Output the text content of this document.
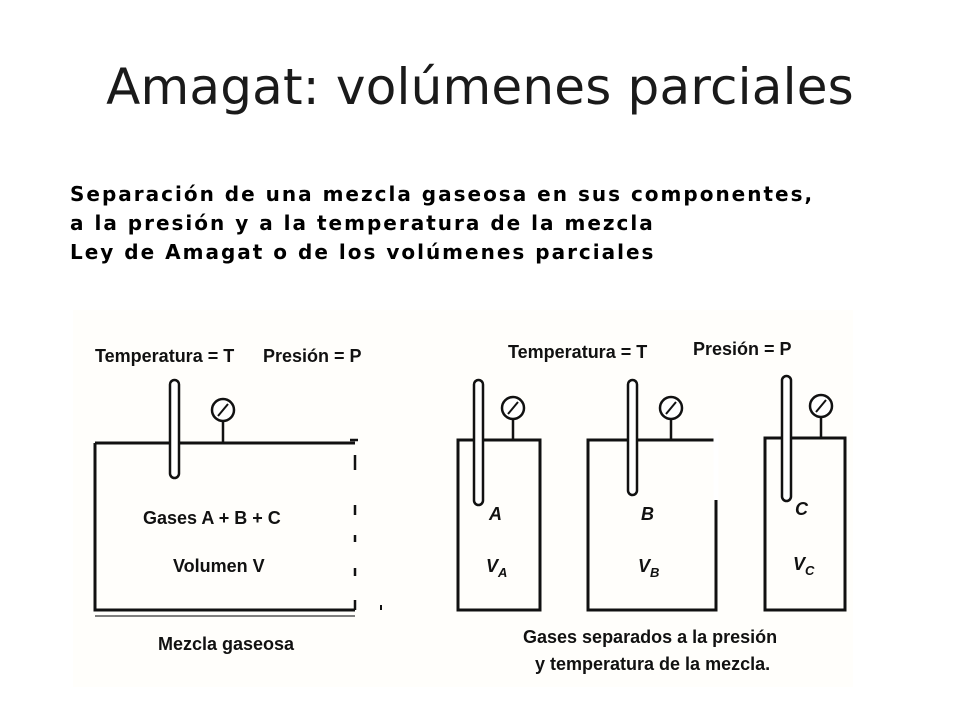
Amagat: volúmenes parciales
Separación de una mezcla gaseosa en sus componentes,
a la presión y a la temperatura de la mezcla
Ley de Amagat o de los volúmenes parciales
Temperatura = T Presión = P
Gases A + B + C
Volumen V
Mezcla gaseosa
Temperatura = T	Presión = P
A
$V_A$
B
$V_B$
C
$V_C$
Gases separados a la presión
y temperatura de la mezcla.
